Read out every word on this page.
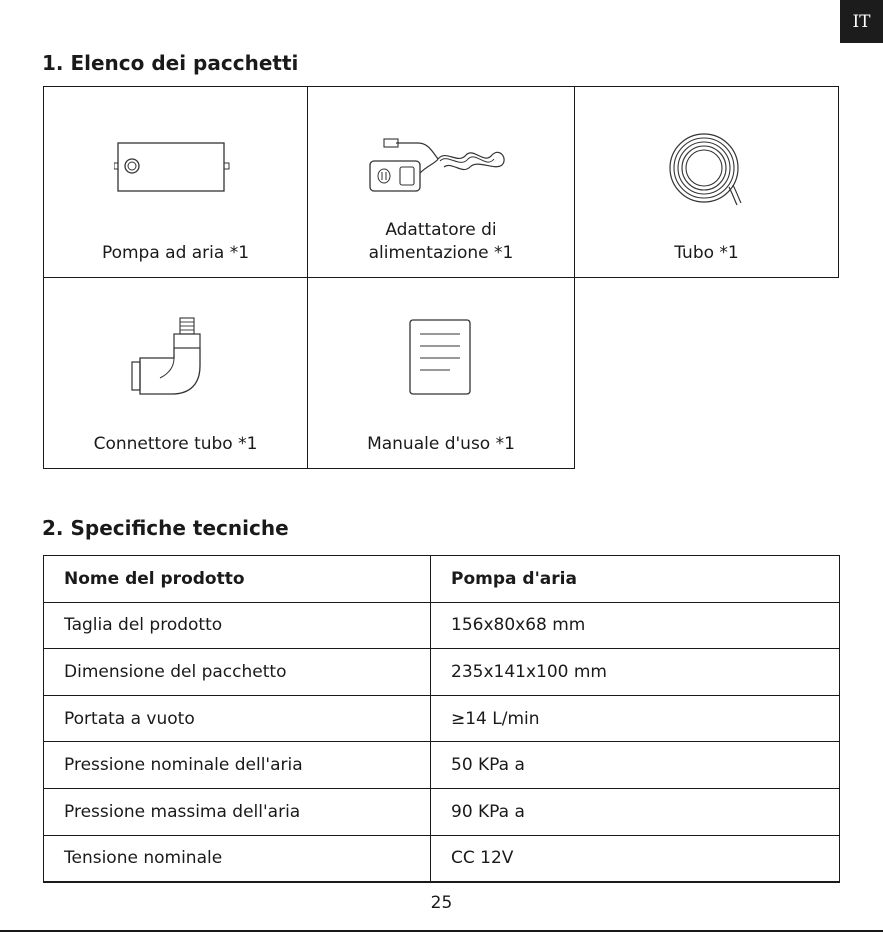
IT
1. Elenco dei pacchetti
Pompa ad aria *1
Adattatore di
alimentazione *1	Tubo *1
Connettore tubo *1	Manuale d'uso *1
2. Specifiche tecniche
Nome del prodotto	Pompa d'aria
Taglia del prodotto	156x80x68 mm
Dimensione del pacchetto	235x141x100 mm
Portata a vuoto	≥14 L/min
Pressione nominale dell'aria	50 KPa a
Pressione massima dell'aria	90 KPa a
Tensione nominale	CC 12V
25
